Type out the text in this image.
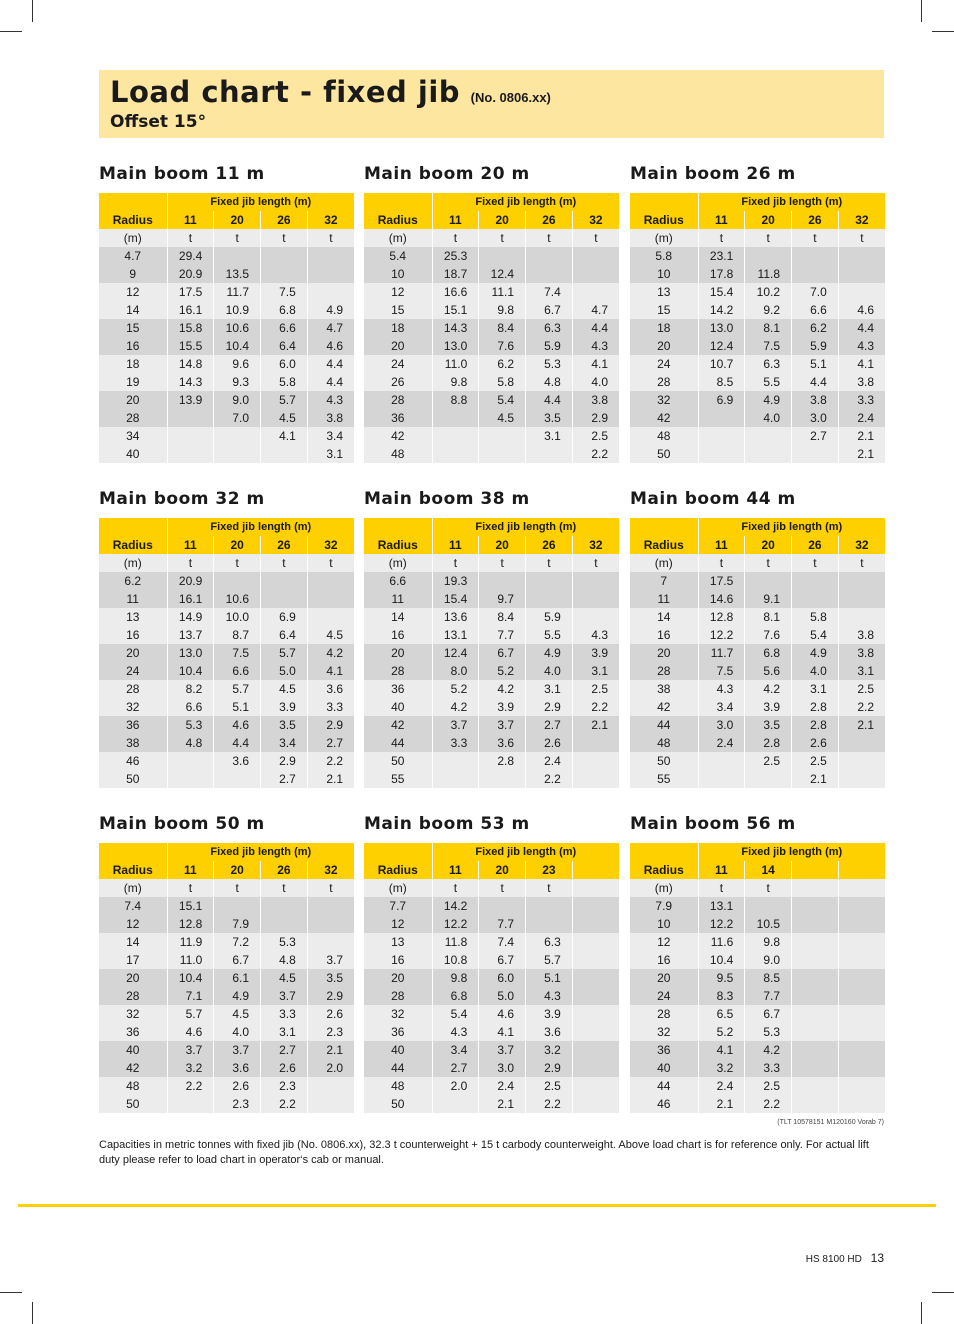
Load chart - fixed jib (No. 0806.xx)
Offset 15°
Main boom 11 m
	Fixed jib length (m)			
Radius	11	20	26	32
(m)	t	t	t	t
4.7	29.4			
9	20.9	13.5		
12	17.5	11.7	7.5	
14	16.1	10.9	6.8	4.9
15	15.8	10.6	6.6	4.7
16	15.5	10.4	6.4	4.6
18	14.8	9.6	6.0	4.4
19	14.3	9.3	5.8	4.4
20	13.9	9.0	5.7	4.3
28		7.0	4.5	3.8
34			4.1	3.4
40				3.1
Main boom 20 m
	Fixed jib length (m)			
Radius	11	20	26	32
(m)	t	t	t	t
5.4	25.3			
10	18.7	12.4		
12	16.6	11.1	7.4	
15	15.1	9.8	6.7	4.7
18	14.3	8.4	6.3	4.4
20	13.0	7.6	5.9	4.3
24	11.0	6.2	5.3	4.1
26	9.8	5.8	4.8	4.0
28	8.8	5.4	4.4	3.8
36		4.5	3.5	2.9
42			3.1	2.5
48				2.2
Main boom 26 m
	Fixed jib length (m)			
Radius	11	20	26	32
(m)	t	t	t	t
5.8	23.1			
10	17.8	11.8		
13	15.4	10.2	7.0	
15	14.2	9.2	6.6	4.6
18	13.0	8.1	6.2	4.4
20	12.4	7.5	5.9	4.3
24	10.7	6.3	5.1	4.1
28	8.5	5.5	4.4	3.8
32	6.9	4.9	3.8	3.3
42		4.0	3.0	2.4
48			2.7	2.1
50				2.1
Main boom 32 m
	Fixed jib length (m)			
Radius	11	20	26	32
(m)	t	t	t	t
6.2	20.9			
11	16.1	10.6		
13	14.9	10.0	6.9	
16	13.7	8.7	6.4	4.5
20	13.0	7.5	5.7	4.2
24	10.4	6.6	5.0	4.1
28	8.2	5.7	4.5	3.6
32	6.6	5.1	3.9	3.3
36	5.3	4.6	3.5	2.9
38	4.8	4.4	3.4	2.7
46		3.6	2.9	2.2
50			2.7	2.1
Main boom 38 m
	Fixed jib length (m)			
Radius	11	20	26	32
(m)	t	t	t	t
6.6	19.3			
11	15.4	9.7		
14	13.6	8.4	5.9	
16	13.1	7.7	5.5	4.3
20	12.4	6.7	4.9	3.9
28	8.0	5.2	4.0	3.1
36	5.2	4.2	3.1	2.5
40	4.2	3.9	2.9	2.2
42	3.7	3.7	2.7	2.1
44	3.3	3.6	2.6	
50		2.8	2.4	
55			2.2	
Main boom 44 m
	Fixed jib length (m)			
Radius	11	20	26	32
(m)	t	t	t	t
7	17.5			
11	14.6	9.1		
14	12.8	8.1	5.8	
16	12.2	7.6	5.4	3.8
20	11.7	6.8	4.9	3.8
28	7.5	5.6	4.0	3.1
38	4.3	4.2	3.1	2.5
42	3.4	3.9	2.8	2.2
44	3.0	3.5	2.8	2.1
48	2.4	2.8	2.6	
50		2.5	2.5	
55			2.1	
Main boom 50 m
	Fixed jib length (m)			
Radius	11	20	26	32
(m)	t	t	t	t
7.4	15.1			
12	12.8	7.9		
14	11.9	7.2	5.3	
17	11.0	6.7	4.8	3.7
20	10.4	6.1	4.5	3.5
28	7.1	4.9	3.7	2.9
32	5.7	4.5	3.3	2.6
36	4.6	4.0	3.1	2.3
40	3.7	3.7	2.7	2.1
42	3.2	3.6	2.6	2.0
48	2.2	2.6	2.3	
50		2.3	2.2	
Main boom 53 m
	Fixed jib length (m)			
Radius	11	20	23	
(m)	t	t	t	
7.7	14.2			
12	12.2	7.7		
13	11.8	7.4	6.3	
16	10.8	6.7	5.7	
20	9.8	6.0	5.1	
28	6.8	5.0	4.3	
32	5.4	4.6	3.9	
36	4.3	4.1	3.6	
40	3.4	3.7	3.2	
44	2.7	3.0	2.9	
48	2.0	2.4	2.5	
50		2.1	2.2	
Main boom 56 m
	Fixed jib length (m)			
Radius	11	14		
(m)	t	t		
7.9	13.1			
10	12.2	10.5		
12	11.6	9.8		
16	10.4	9.0		
20	9.5	8.5		
24	8.3	7.7		
28	6.5	6.7		
32	5.2	5.3		
36	4.1	4.2		
40	3.2	3.3		
44	2.4	2.5		
46	2.1	2.2		
(TLT 10578151 M120160 Vorab 7)
Capacities in metric tonnes with fixed jib (No. 0806.xx), 32.3 t counterweight + 15 t carbody counterweight. Above load chart is for reference only. For actual lift duty please refer to load chart in operator‘s cab or manual.
HS 8100 HD 13
